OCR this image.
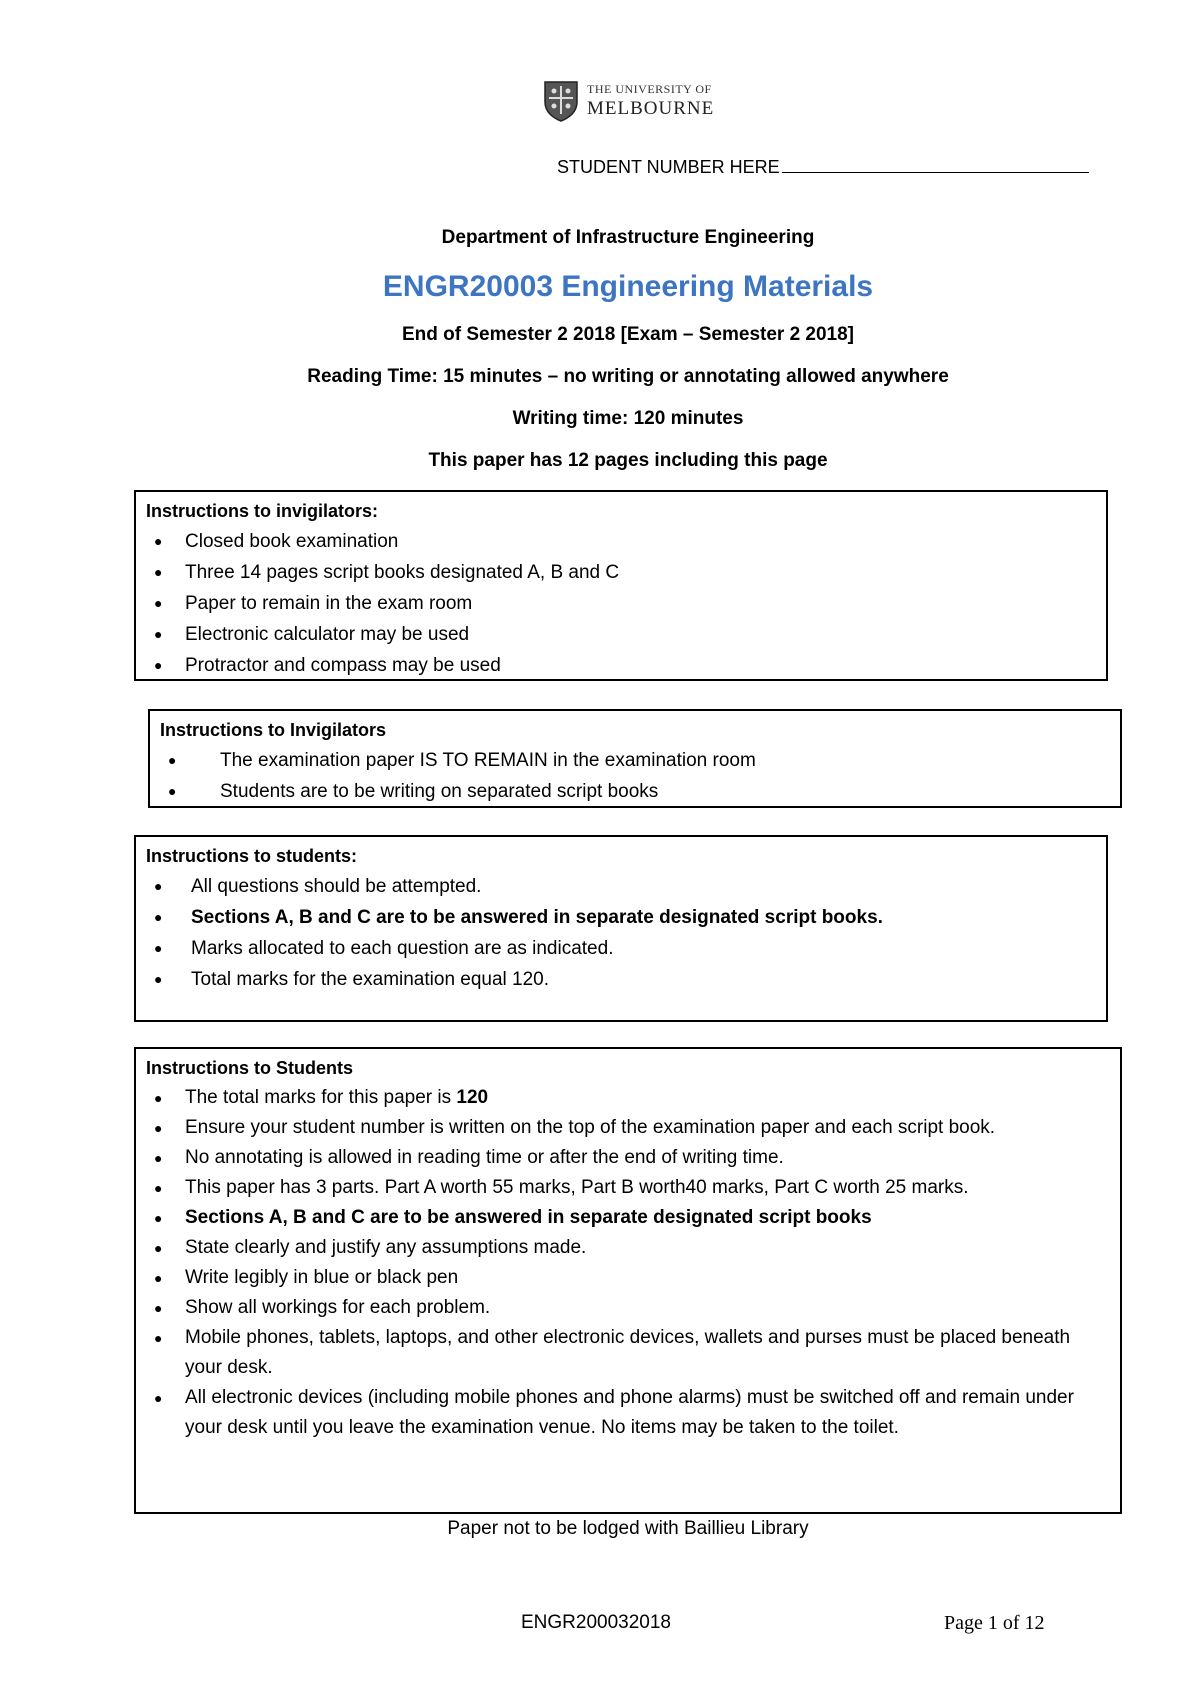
THE UNIVERSITY OF
MELBOURNE
STUDENT NUMBER HERE
Department of Infrastructure Engineering
ENGR20003 Engineering Materials
End of Semester 2 2018 [Exam – Semester 2 2018]
Reading Time: 15 minutes – no writing or annotating allowed anywhere
Writing time: 120 minutes
This paper has 12 pages including this page
Instructions to invigilators:
● Closed book examination
● Three 14 pages script books designated A, B and C
● Paper to remain in the exam room
● Electronic calculator may be used
● Protractor and compass may be used
Instructions to Invigilators
● The examination paper IS TO REMAIN in the examination room
● Students are to be writing on separated script books
Instructions to students:
● All questions should be attempted.
● Sections A, B and C are to be answered in separate designated script books.
● Marks allocated to each question are as indicated.
● Total marks for the examination equal 120.
Instructions to Students
● The total marks for this paper is 120
● Ensure your student number is written on the top of the examination paper and each script book.
● No annotating is allowed in reading time or after the end of writing time.
● This paper has 3 parts. Part A worth 55 marks, Part B worth40 marks, Part C worth 25 marks.
● Sections A, B and C are to be answered in separate designated script books
● State clearly and justify any assumptions made.
● Write legibly in blue or black pen
● Show all workings for each problem.
● Mobile phones, tablets, laptops, and other electronic devices, wallets and purses must be placed beneath your desk.
● All electronic devices (including mobile phones and phone alarms) must be switched off and remain under your desk until you leave the examination venue. No items may be taken to the toilet.
Paper not to be lodged with Baillieu Library
ENGR200032018	Page 1 of 12
